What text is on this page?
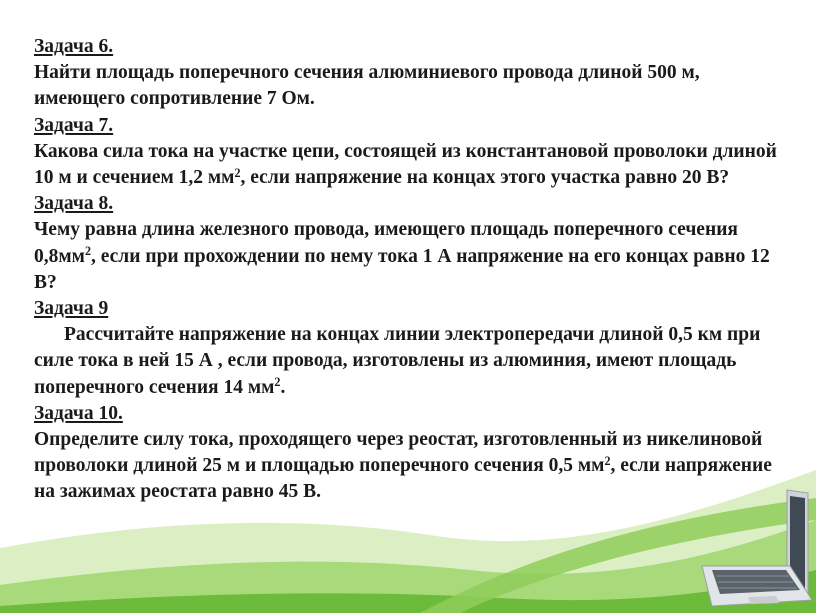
Задача 6.
Найти площадь поперечного сечения алюминиевого провода длиной 500 м, имеющего сопротивление 7 Ом.
Задача 7.
Какова сила тока на участке цепи, состоящей из константановой проволоки длиной 10 м и сечением 1,2 $мм^2$, если напряжение на концах этого участка равно 20 В?
Задача 8.
Чему равна длина железного провода, имеющего площадь поперечного сечения $0,8мм^2$, если при прохождении по нему тока 1 А напряжение на его концах равно 12 В?
Задача 9
Рассчитайте напряжение на концах линии электропередачи длиной 0,5 км при силе тока в ней 15 А , если провода, изготовлены из алюминия, имеют площадь поперечного сечения 14 $мм^2$.
Задача 10.
Определите силу тока, проходящего через реостат, изготовленный из никелиновой проволоки длиной 25 м и площадью поперечного сечения 0,5 $мм^2$, если напряжение на зажимах реостата равно 45 В.
